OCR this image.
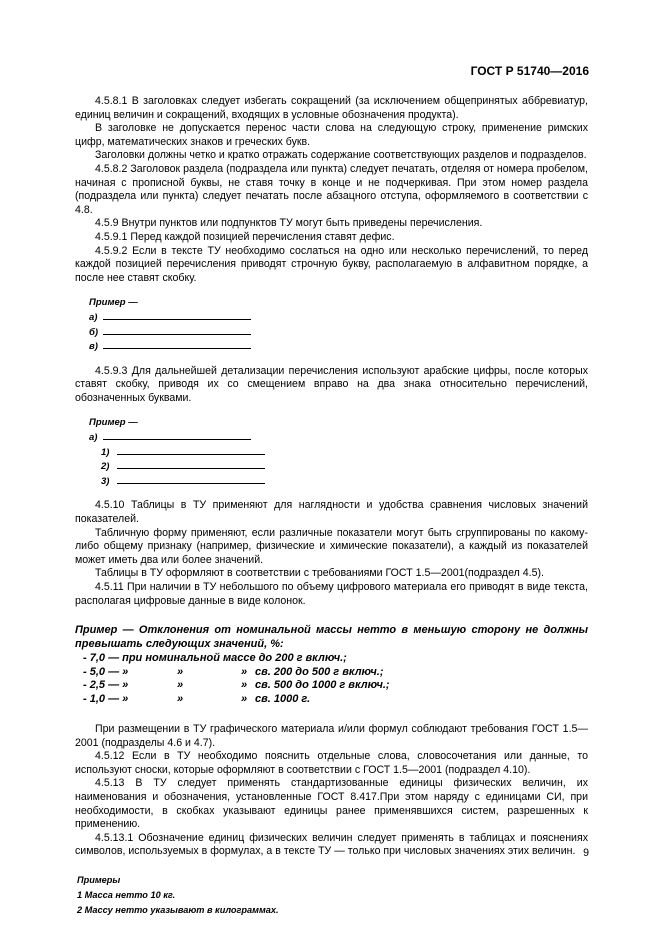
ГОСТ Р 51740—2016

4.5.8.1 В заголовках следует избегать сокращений (за исключением общепринятых аббревиатур, единиц величин и сокращений, входящих в условные обозначения продукта).

В заголовке не допускается перенос части слова на следующую строку, применение римских цифр, математических знаков и греческих букв.

Заголовки должны четко и кратко отражать содержание соответствующих разделов и подразделов.

4.5.8.2 Заголовок раздела (подраздела или пункта) следует печатать, отделяя от номера пробелом, начиная с прописной буквы, не ставя точку в конце и не подчеркивая. При этом номер раздела (подраздела или пункта) следует печатать после абзацного отступа, оформляемого в соответствии с 4.8.

4.5.9 Внутри пунктов или подпунктов ТУ могут быть приведены перечисления.

4.5.9.1 Перед каждой позицией перечисления ставят дефис.

4.5.9.2 Если в тексте ТУ необходимо сослаться на одно или несколько перечислений, то перед каждой позицией перечисления приводят строчную букву, располагаемую в алфавитном порядке, а после нее ставят скобку.

Пример —
а)
б)
в)

4.5.9.3 Для дальнейшей детализации перечисления используют арабские цифры, после которых ставят скобку, приводя их со смещением вправо на два знака относительно перечислений, обозначенных буквами.

Пример —
а)
1)
2)
3)

4.5.10 Таблицы в ТУ применяют для наглядности и удобства сравнения числовых значений показателей.

Табличную форму применяют, если различные показатели могут быть сгруппированы по какому-либо общему признаку (например, физические и химические показатели), а каждый из показателей может иметь два или более значений.

Таблицы в ТУ оформляют в соответствии с требованиями ГОСТ 1.5—2001(подраздел 4.5).

4.5.11 При наличии в ТУ небольшого по объему цифрового материала его приводят в виде текста, располагая цифровые данные в виде колонок.

Пример — Отклонения от номинальной массы нетто в меньшую сторону не должны превышать следующих значений, %:

- 7,0 — при номинальной массе до 200 г включ.;
- 5,0 — »	»	» св. 200 до 500 г включ.;
- 2,5 — »	»	» св. 500 до 1000 г включ.;
- 1,0 — »	»	» св. 1000 г.

При размещении в ТУ графического материала и/или формул соблюдают требования ГОСТ 1.5—2001 (подразделы 4.6 и 4.7).

4.5.12 Если в ТУ необходимо пояснить отдельные слова, словосочетания или данные, то используют сноски, которые оформляют в соответствии с ГОСТ 1.5—2001 (подраздел 4.10).

4.5.13 В ТУ следует применять стандартизованные единицы физических величин, их наименования и обозначения, установленные ГОСТ 8.417.При этом наряду с единицами СИ, при необходимости, в скобках указывают единицы ранее применявшихся систем, разрешенных к применению.

4.5.13.1 Обозначение единиц физических величин следует применять в таблицах и пояснениях символов, используемых в формулах, а в тексте ТУ — только при числовых значениях этих величин.

Примеры
1 Масса нетто 10 кг.
2 Массу нетто указывают в килограммах.
9
